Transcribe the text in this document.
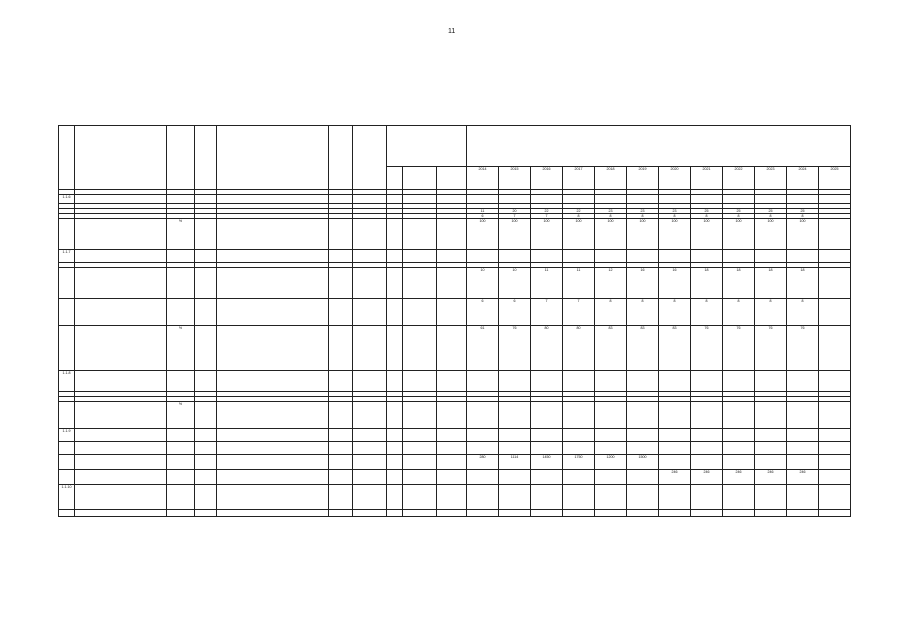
11

										2014	2015	2016	2017	2018	2019	2020	2021	2022	2023	2024	2025

1.1.6																					

										11	20	22	22	23	23	23	25	25	25	25	
										6	7	7	8	8	8	8	8	8	8	8	
		%								100	100	100	100	100	100	100	100	100	100	100	
1.1.7																					

										10	10	11	11	12	16	16	18	18	18	18	
										6	6	7	7	8	8	8	8	8	8	8	
		%								61	76	80	80	83	83	83	76	76	76	76	
1.1.8																					

		%																			
1.1.9																					

										280	1114	1450	1750	1200	1500						
																246	246	246	246	246	
1.1.10																					
